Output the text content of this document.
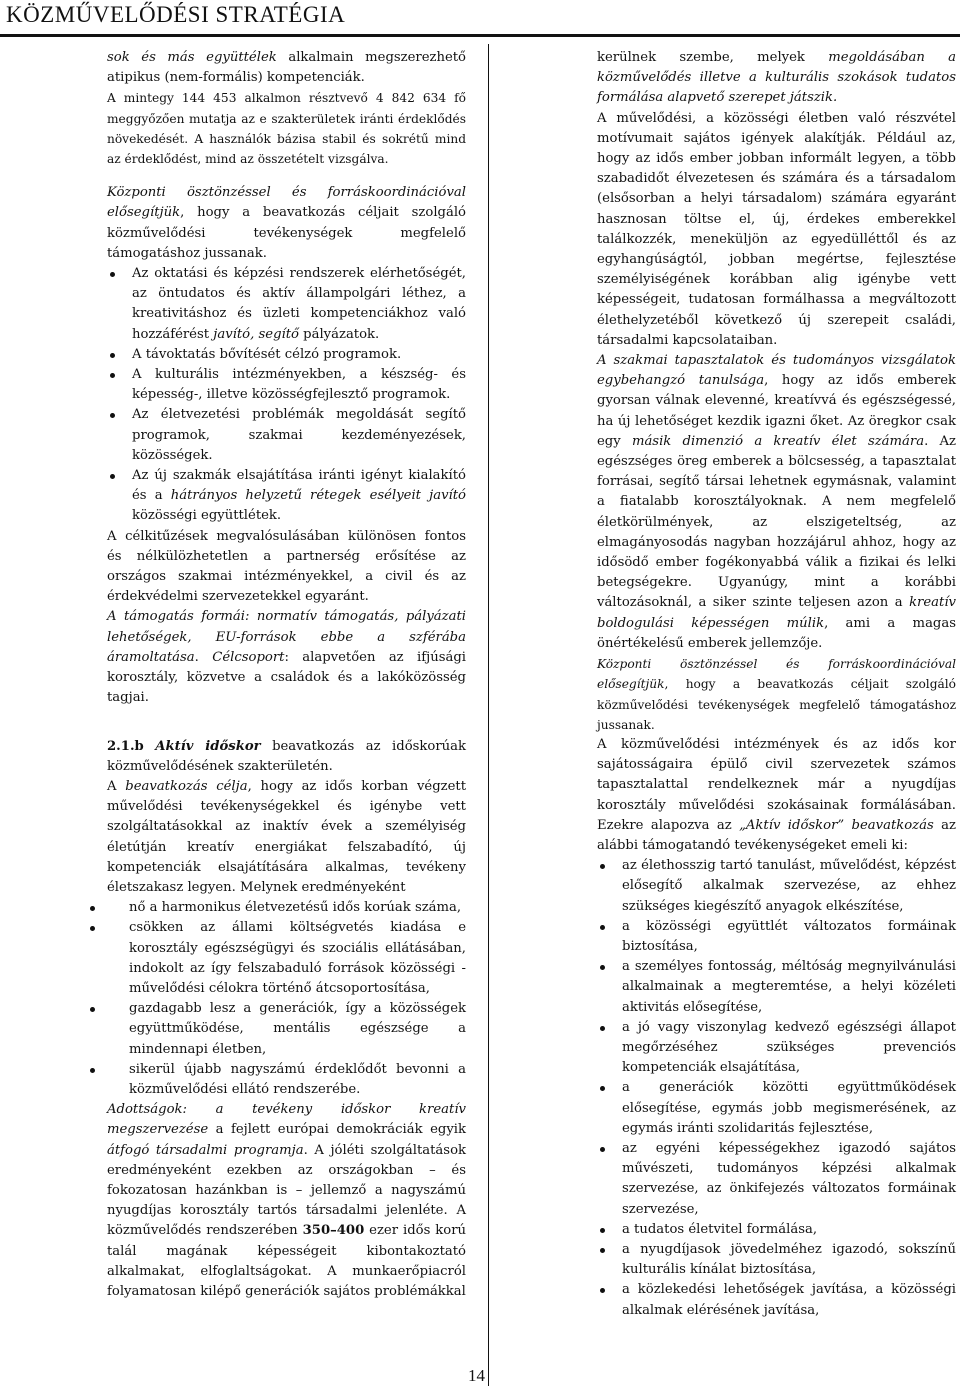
KÖZMŰVELŐDÉSI STRATÉGIA

sok és más együttélek alkalmain megszerezhető atipikus (nem-formális) kompetenciák.

A mintegy 144 453 alkalmon résztvevő 4 842 634 fő meggyőzően mutatja az e szakterületek iránti érdeklődés növekedését. A használók bázisa stabil és sokrétű mind az érdeklődést, mind az összetételt vizsgálva.

Központi ösztönzéssel és forráskoordinációval elősegítjük, hogy a beavatkozás céljait szolgáló közművelődési tevékenységek megfelelő támogatáshoz jussanak.

Az oktatási és képzési rendszerek elérhetőségét, az öntudatos és aktív állampolgári léthez, a kreativitáshoz és üzleti kompetenciákhoz való hozzáférést javító, segítő pályázatok.
A távoktatás bővítését célzó programok.
A kulturális intézményekben, a készség- és képesség-, illetve közösségfejlesztő programok.
Az életvezetési problémák megoldását segítő programok, szakmai kezdeményezések, közösségek.
Az új szakmák elsajátítása iránti igényt kialakító és a hátrányos helyzetű rétegek esélyeit javító közösségi együttlétek.

A célkitűzések megvalósulásában különösen fontos és nélkülözhetetlen a partnerség erősítése az országos szakmai intézményekkel, a civil és az érdekvédelmi szervezetekkel egyaránt.

A támogatás formái: normatív támogatás, pályázati lehetőségek, EU-források ebbe a szférába áramoltatása. Célcsoport: alapvetően az ifjúsági korosztály, közvetve a családok és a lakóközösség tagjai.

2.1.b Aktív időskor beavatkozás az időskorúak közművelődésének szakterületén.

A beavatkozás célja, hogy az idős korban végzett művelődési tevékenységekkel és igénybe vett szolgáltatásokkal az inaktív évek a személyiség életútján kreatív energiákat felszabadító, új kompetenciák elsajátítására alkalmas, tevékeny életszakasz legyen. Melynek eredményeként

nő a harmonikus életvezetésű idős korúak száma,
csökken az állami költségvetés kiadása e korosztály egészségügyi és szociális ellátásában, indokolt az így felszabaduló források közösségi - művelődési célokra történő átcsoportosítása,
gazdagabb lesz a generációk, így a közösségek együttműködése, mentális egészsége a mindennapi életben,
sikerül újabb nagyszámú érdeklődőt bevonni a közművelődési ellátó rendszerébe.

Adottságok: a tevékeny időskor kreatív megszervezése a fejlett európai demokráciák egyik átfogó társadalmi programja. A jóléti szolgáltatások eredményeként ezekben az országokban – és fokozatosan hazánkban is – jellemző a nagyszámú nyugdíjas korosztály tartós társadalmi jelenléte. A közművelődés rendszerében 350–400 ezer idős korú talál magának képességeit kibontakoztató alkalmakat, elfoglaltságokat. A munkaerőpiacról folyamatosan kilépő generációk sajátos problémákkal

kerülnek szembe, melyek megoldásában a közművelődés illetve a kulturális szokások tudatos formálása alapvető szerepet játszik.

A művelődési, a közösségi életben való részvétel motívumait sajátos igények alakítják. Például az, hogy az idős ember jobban informált legyen, a több szabadidőt élvezetesen és számára és a társadalom (elsősorban a helyi társadalom) számára egyaránt hasznosan töltse el, új, érdekes emberekkel találkozzék, meneküljön az egyedülléttől és az egyhangúságtól, jobban megértse, fejlesztése személyiségének korábban alig igénybe vett képességeit, tudatosan formálhassa a megváltozott élethelyzetéből következő új szerepeit családi, társadalmi kapcsolataiban.

A szakmai tapasztalatok és tudományos vizsgálatok egybehangzó tanulsága, hogy az idős emberek gyorsan válnak elevenné, kreatívvá és egészségessé, ha új lehetőséget kezdik igazni őket. Az öregkor csak egy másik dimenzió a kreatív élet számára. Az egészséges öreg emberek a bölcsesség, a tapasztalat forrásai, segítő társai lehetnek egymásnak, valamint a fiatalabb korosztályoknak. A nem megfelelő életkörülmények, az elszigeteltség, az elmagányosodás nagyban hozzájárul ahhoz, hogy az idősödő ember fogékonyabbá válik a fizikai és lelki betegségekre. Ugyanúgy, mint a korábbi változásoknál, a siker szinte teljesen azon a kreatív boldogulási képességen múlik, ami a magas önértékelésű emberek jellemzője.

Központi ösztönzéssel és forráskoordinációval elősegítjük, hogy a beavatkozás céljait szolgáló közművelődési tevékenységek megfelelő támogatáshoz jussanak.

A közművelődési intézmények és az idős kor sajátosságaira épülő civil szervezetek számos tapasztalattal rendelkeznek már a nyugdíjas korosztály művelődési szokásainak formálásában. Ezekre alapozva az „Aktív időskor” beavatkozás az alábbi támogatandó tevékenységeket emeli ki:

az élethosszig tartó tanulást, művelődést, képzést elősegítő alkalmak szervezése, az ehhez szükséges kiegészítő anyagok elkészítése,
a közösségi együttlét változatos formáinak biztosítása,
a személyes fontosság, méltóság megnyilvánulási alkalmainak a megteremtése, a helyi közéleti aktivitás elősegítése,
a jó vagy viszonylag kedvező egészségi állapot megőrzéséhez szükséges prevenciós kompetenciák elsajátítása,
a generációk közötti együttműködések elősegítése, egymás jobb megismerésének, az egymás iránti szolidaritás fejlesztése,
az egyéni képességekhez igazodó sajátos művészeti, tudományos képzési alkalmak szervezése, az önkifejezés változatos formáinak szervezése,
a tudatos életvitel formálása,
a nyugdíjasok jövedelméhez igazodó, sokszínű kulturális kínálat biztosítása,
a közlekedési lehetőségek javítása, a közösségi alkalmak elérésének javítása,
14
